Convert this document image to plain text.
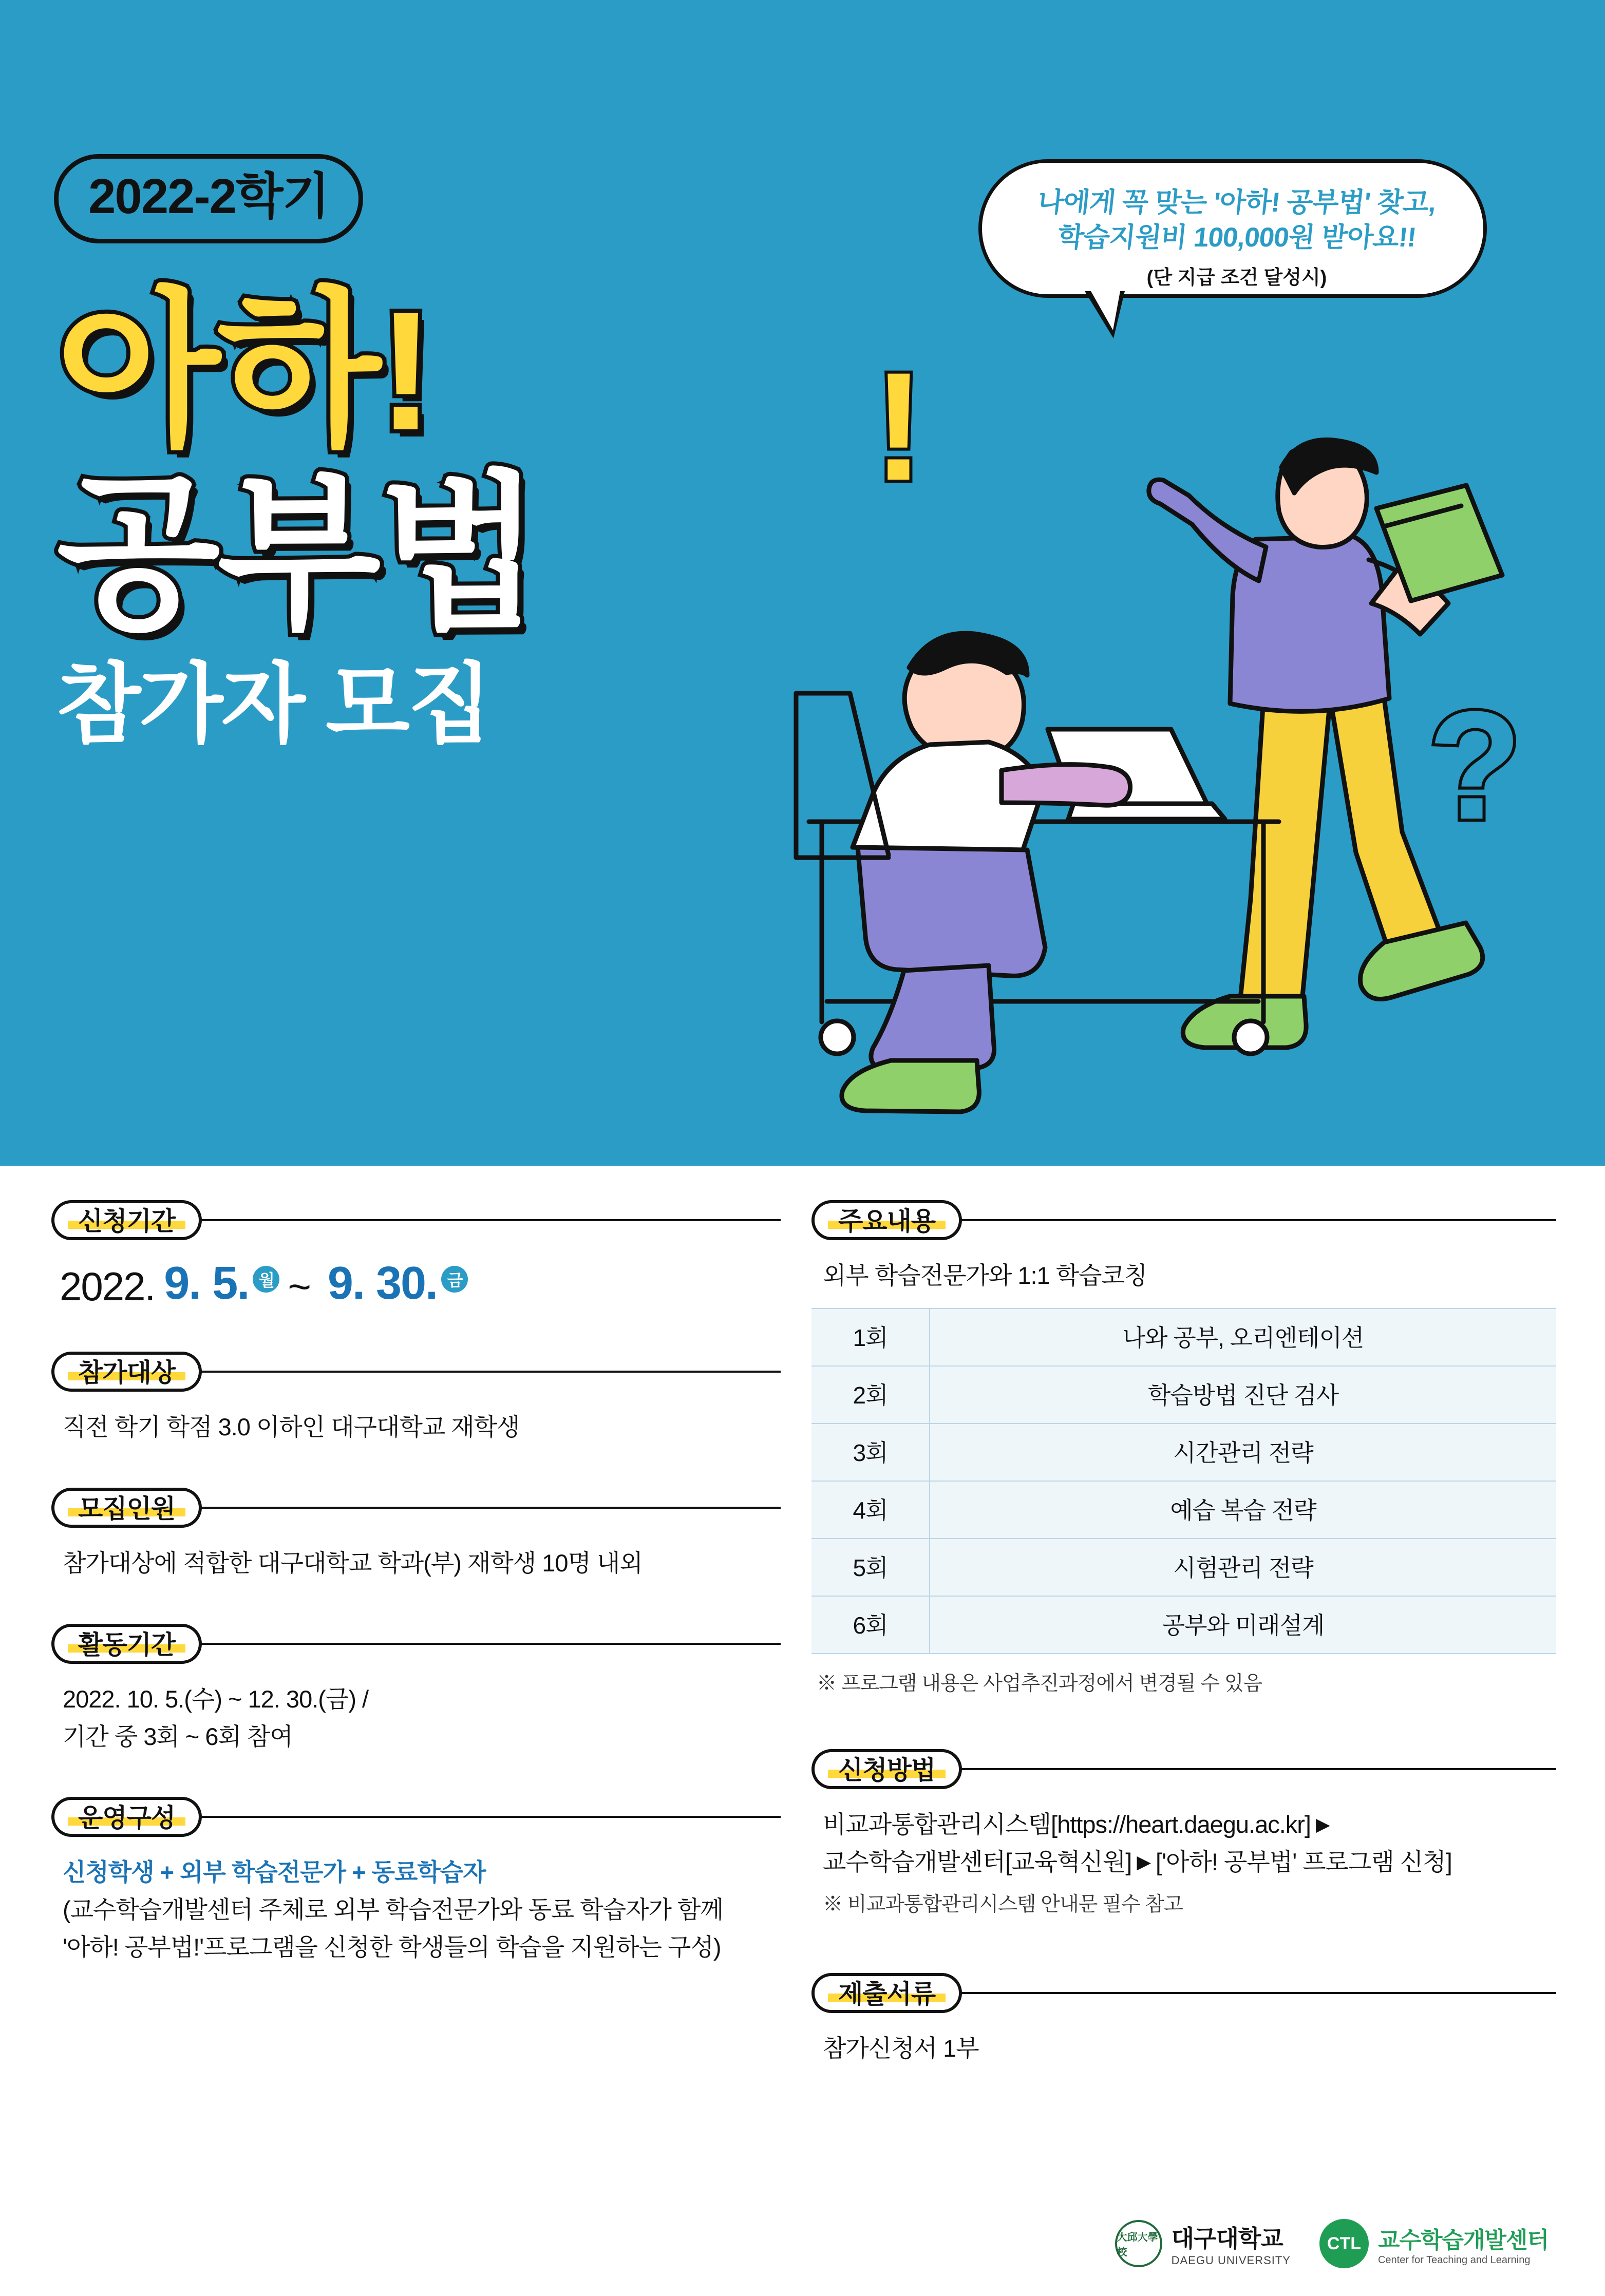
2022-2학기
아하!
공부법
참가자 모집
!
?
나에게 꼭 맞는 '아하! 공부법' 찾고,
학습지원비 100,000원 받아요!!
(단 지급 조건 달성시)
신청기간
2022. 9. 5. 월 ~ 9. 30. 금
참가대상
직전 학기 학점 3.0 이하인 대구대학교 재학생
모집인원
참가대상에 적합한 대구대학교 학과(부) 재학생 10명 내외
활동기간
2022. 10. 5.(수) ~ 12. 30.(금) /
기간 중 3회 ~ 6회 참여
운영구성
신청학생 + 외부 학습전문가 + 동료학습자
(교수학습개발센터 주체로 외부 학습전문가와 동료 학습자가 함께
'아하! 공부법!'프로그램을 신청한 학생들의 학습을 지원하는 구성)
주요내용
외부 학습전문가와 1:1 학습코칭
1회	나와 공부, 오리엔테이션
2회	학습방법 진단 검사
3회	시간관리 전략
4회	예습 복습 전략
5회	시험관리 전략
6회	공부와 미래설계
※ 프로그램 내용은 사업추진과정에서 변경될 수 있음
신청방법
비교과통합관리시스템[https://heart.daegu.ac.kr] ▶
교수학습개발센터[교육혁신원] ▶ ['아하! 공부법' 프로그램 신청]
※ 비교과통합관리시스템 안내문 필수 참고
제출서류
참가신청서 1부
大邱大學校
대구대학교
DAEGU UNIVERSITY
CTL 교수학습개발센터
Center for Teaching and Learning
